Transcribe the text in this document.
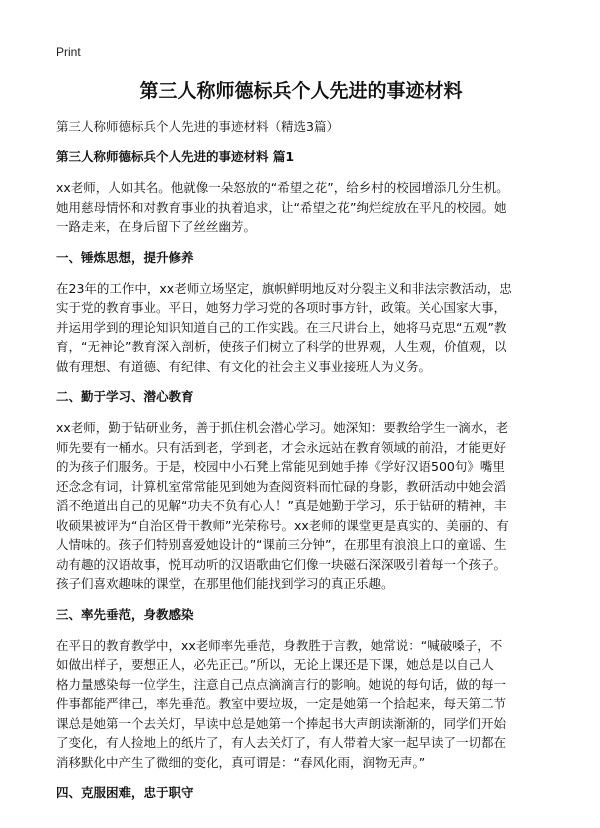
Print
第三人称师德标兵个人先进的事迹材料
第三人称师德标兵个人先进的事迹材料（精选3篇）
第三人称师德标兵个人先进的事迹材料 篇1
xx老师，人如其名。他就像一朵怒放的“希望之花”，给乡村的校园增添几分生机。
她用慈母情怀和对教育事业的执着追求，让“希望之花”绚烂绽放在平凡的校园。她
一路走来，在身后留下了丝丝幽芳。
一、锤炼思想，提升修养
在23年的工作中，xx老师立场坚定，旗帜鲜明地反对分裂主义和非法宗教活动，忠
实于党的教育事业。平日，她努力学习党的各项时事方针，政策。关心国家大事，
并运用学到的理论知识知道自己的工作实践。在三尺讲台上，她将马克思“五观”教
育，“无神论”教育深入剖析，使孩子们树立了科学的世界观，人生观，价值观，以
做有理想、有道德、有纪律、有文化的社会主义事业接班人为义务。
二、勤于学习、潜心教育
xx老师，勤于钻研业务，善于抓住机会潜心学习。她深知：要教给学生一滴水，老
师先要有一桶水。只有活到老，学到老，才会永远站在教育领域的前沿，才能更好
的为孩子们服务。于是，校园中小石凳上常能见到她手捧《学好汉语500句》嘴里
还念念有词，计算机室常常能见到她为查阅资料而忙碌的身影，教研活动中她会滔
滔不绝道出自己的见解“功夫不负有心人！”真是她勤于学习，乐于钻研的精神，丰
收硕果被评为“自治区骨干教师”光荣称号。xx老师的课堂更是真实的、美丽的、有
人情味的。孩子们特别喜爱她设计的“课前三分钟”，在那里有浪浪上口的童谣、生
动有趣的汉语故事，悦耳动听的汉语歌曲它们像一块磁石深深吸引着每一个孩子。
孩子们喜欢趣味的课堂，在那里他们能找到学习的真正乐趣。
三、率先垂范，身教感染
在平日的教育教学中，xx老师率先垂范，身教胜于言教，她常说：“喊破嗓子，不
如做出样子，要想正人，必先正己。”所以，无论上课还是下课，她总是以自己人
格力量感染每一位学生，注意自己点点滴滴言行的影响。她说的每句话，做的每一
件事都能严律己，率先垂范。教室中要垃圾，一定是她第一个拾起来，每天第二节
课总是她第一个去关灯，早读中总是她第一个捧起书大声朗读渐渐的，同学们开始
了变化，有人捡地上的纸片了，有人去关灯了，有人带着大家一起早读了一切都在
消移默化中产生了微细的变化，真可谓是：“春风化雨，润物无声。”
四、克服困难，忠于职守
